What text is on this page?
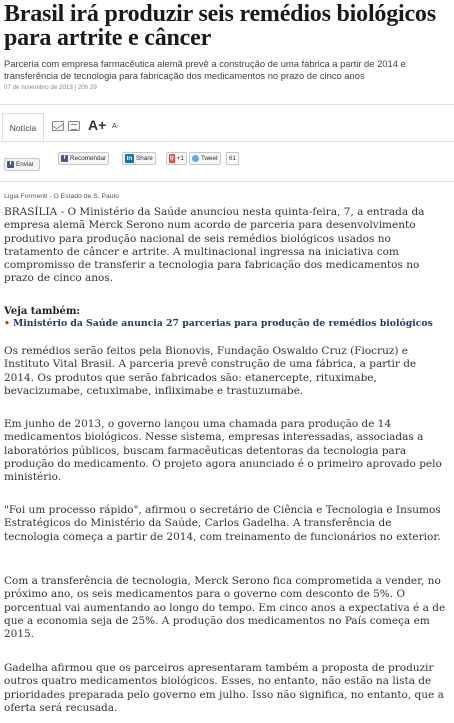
Brasil irá produzir seis remédios biológicos para artrite e câncer

Parceria com empresa farmacêutica alemã prevê a construção de uma fábrica a partir de 2014 e transferência de tecnologia para fabricação dos medicamentos no prazo de cinco anos

07 de novembro de 2013 | 20h 29
Notícia	A+ A-
f Enviar
f Recomendar	in Share	g +1	Tweet	61
Lígia Formenti - O Estado de S. Paulo

BRASÍLIA - O Ministério da Saúde anunciou nesta quinta-feira, 7, a entrada da empresa alemã Merck Serono num acordo de parceria para desenvolvimento produtivo para produção nacional de seis remédios biológicos usados no tratamento de câncer e artrite. A multinacional ingressa na iniciativa com compromisso de transferir a tecnologia para fabricação dos medicamentos no prazo de cinco anos.

Veja também:
• Ministério da Saúde anuncia 27 parcerias para produção de remédios biológicos

Os remédios serão feitos pela Bionovis, Fundação Oswaldo Cruz (Fiocruz) e Instituto Vital Brasil. A parceria prevê construção de uma fábrica, a partir de 2014. Os produtos que serão fabricados são: etanercepte, rituximabe, bevacizumabe, cetuximabe, infliximabe e trastuzumabe.

Em junho de 2013, o governo lançou uma chamada para produção de 14 medicamentos biológicos. Nesse sistema, empresas interessadas, associadas a laboratórios públicos, buscam farmacêuticas detentoras da tecnologia para produção do medicamento. O projeto agora anunciado é o primeiro aprovado pelo ministério.

"Foi um processo rápido", afirmou o secretário de Ciência e Tecnologia e Insumos Estratégicos do Ministério da Saúde, Carlos Gadelha. A transferência de tecnologia começa a partir de 2014, com treinamento de funcionários no exterior.

Com a transferência de tecnologia, Merck Serono fica comprometida a vender, no próximo ano, os seis medicamentos para o governo com desconto de 5%. O porcentual vai aumentando ao longo do tempo. Em cinco anos a expectativa é a de que a economia seja de 25%. A produção dos medicamentos no País começa em 2015.

Gadelha afirmou que os parceiros apresentaram também a proposta de produzir outros quatro medicamentos biológicos. Esses, no entanto, não estão na lista de prioridades preparada pelo governo em julho. Isso não significa, no entanto, que a oferta será recusada.
